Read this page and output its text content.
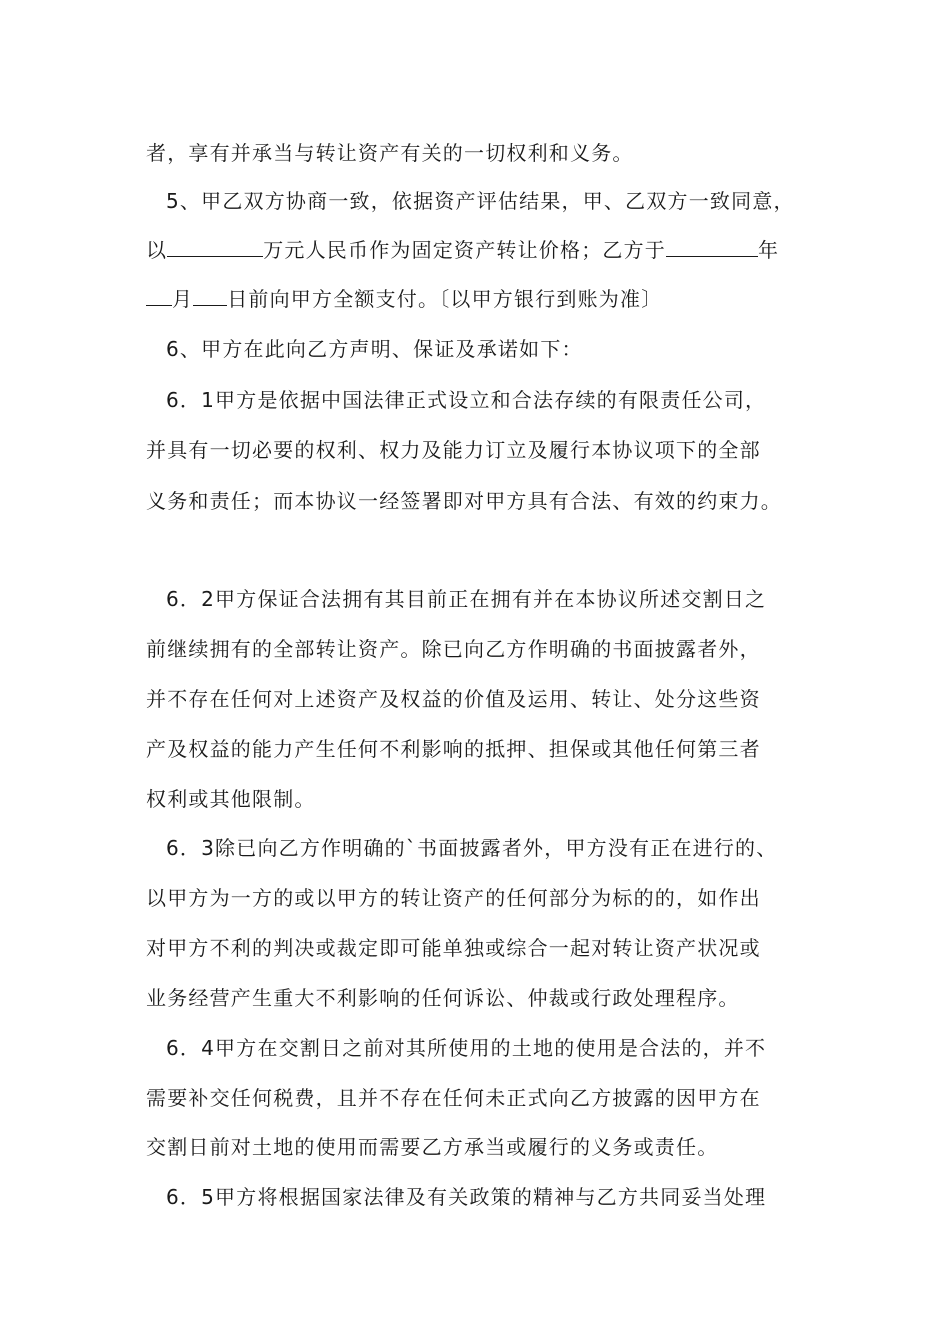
者，享有并承当与转让资产有关的一切权利和义务。
5、甲乙双方协商一致，依据资产评估结果，甲、乙双方一致同意，
以	万元人民币作为固定资产转让价格；乙方于	年
月 日前向甲方全额支付。〔以甲方银行到账为准〕
6、甲方在此向乙方声明、保证及承诺如下：
6．1甲方是依据中国法律正式设立和合法存续的有限责任公司，
并具有一切必要的权利、权力及能力订立及履行本协议项下的全部
义务和责任；而本协议一经签署即对甲方具有合法、有效的约束力。
6．2甲方保证合法拥有其目前正在拥有并在本协议所述交割日之
前继续拥有的全部转让资产。除已向乙方作明确的书面披露者外，
并不存在任何对上述资产及权益的价值及运用、转让、处分这些资
产及权益的能力产生任何不利影响的抵押、担保或其他任何第三者
权利或其他限制。
6．3除已向乙方作明确的`书面披露者外，甲方没有正在进行的、
以甲方为一方的或以甲方的转让资产的任何部分为标的的，如作出
对甲方不利的判决或裁定即可能单独或综合一起对转让资产状况或
业务经营产生重大不利影响的任何诉讼、仲裁或行政处理程序。
6．4甲方在交割日之前对其所使用的土地的使用是合法的，并不
需要补交任何税费，且并不存在任何未正式向乙方披露的因甲方在
交割日前对土地的使用而需要乙方承当或履行的义务或责任。
6．5甲方将根据国家法律及有关政策的精神与乙方共同妥当处理
